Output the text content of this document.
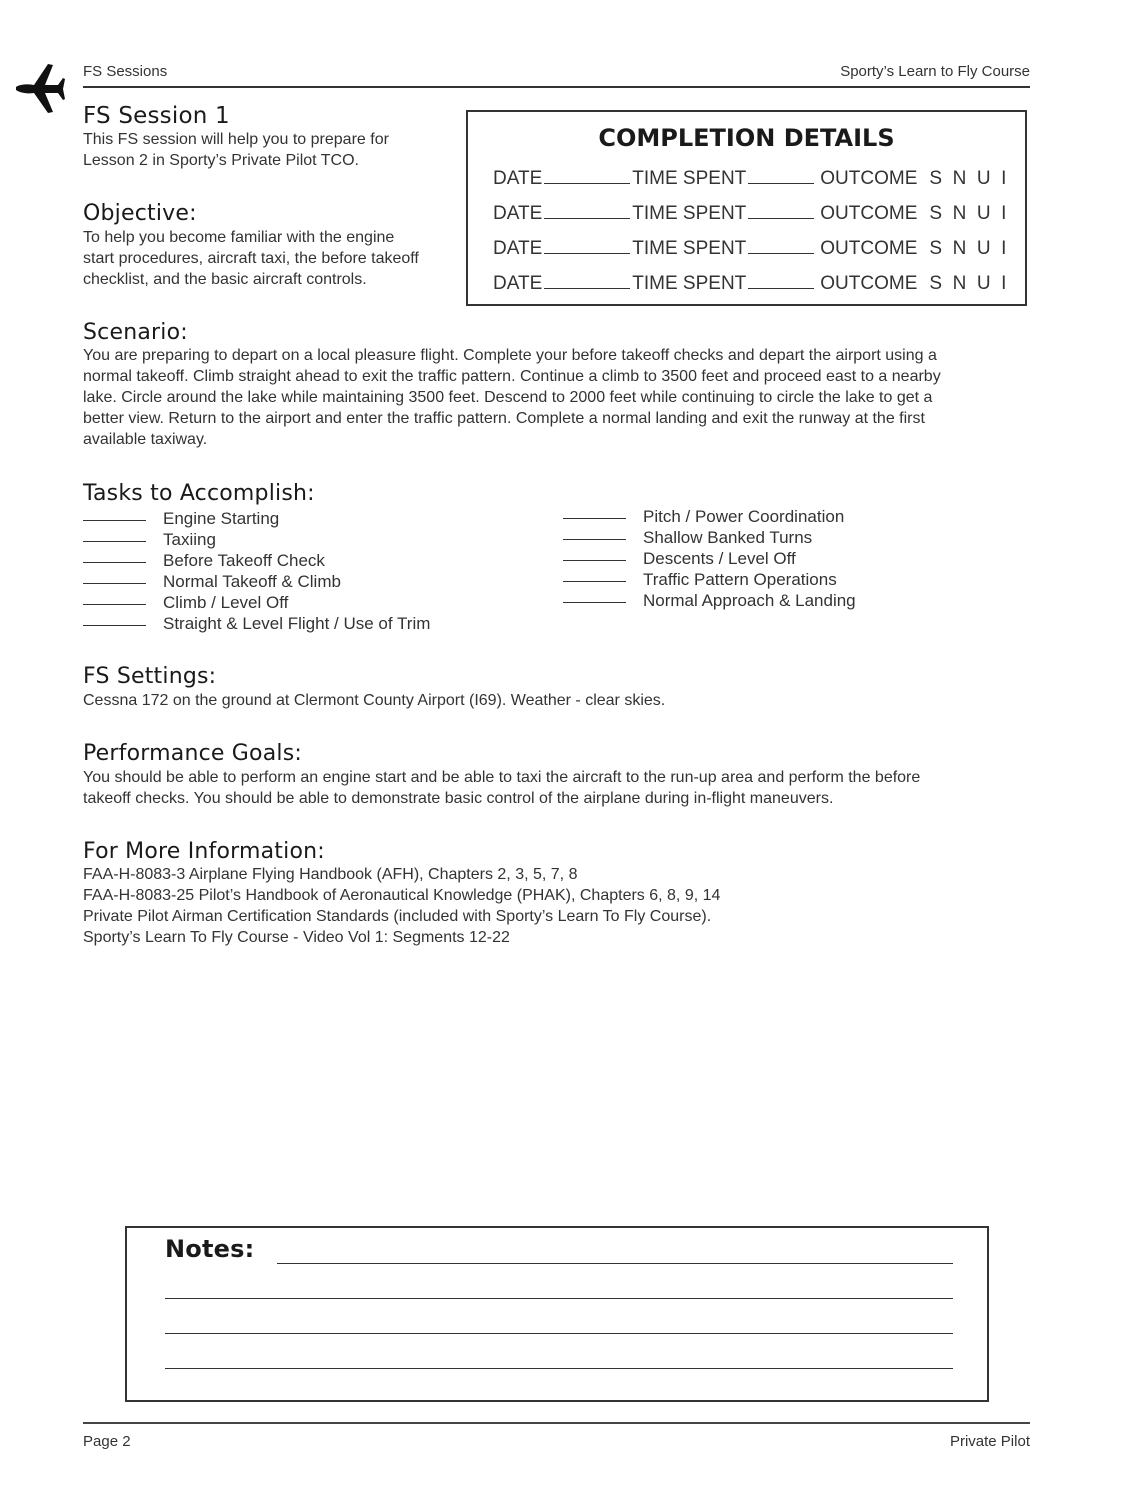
FS Sessions	Sporty’s Learn to Fly Course
FS Session 1
This FS session will help you to prepare for
Lesson 2 in Sporty’s Private Pilot TCO.
Objective:
To help you become familiar with the engine
start procedures, aircraft taxi, the before takeoff
checklist, and the basic aircraft controls.
COMPLETION DETAILS
DATE	TIME SPENT	OUTCOME S  N  U  I
DATE	TIME SPENT	OUTCOME S  N  U  I
DATE	TIME SPENT	OUTCOME S  N  U  I
DATE	TIME SPENT	OUTCOME S  N  U  I
Scenario:
You are preparing to depart on a local pleasure flight. Complete your before takeoff checks and depart the airport using a
normal takeoff. Climb straight ahead to exit the traffic pattern. Continue a climb to 3500 feet and proceed east to a nearby
lake. Circle around the lake while maintaining 3500 feet. Descend to 2000 feet while continuing to circle the lake to get a
better view. Return to the airport and enter the traffic pattern. Complete a normal landing and exit the runway at the first
available taxiway.
Tasks to Accomplish:
Engine Starting
Taxiing
Before Takeoff Check
Normal Takeoff & Climb
Climb / Level Off
Straight & Level Flight / Use of Trim
Pitch / Power Coordination
Shallow Banked Turns
Descents / Level Off
Traffic Pattern Operations
Normal Approach & Landing
FS Settings:
Cessna 172 on the ground at Clermont County Airport (I69). Weather - clear skies.
Performance Goals:
You should be able to perform an engine start and be able to taxi the aircraft to the run-up area and perform the before
takeoff checks. You should be able to demonstrate basic control of the airplane during in-flight maneuvers.
For More Information:
FAA-H-8083-3 Airplane Flying Handbook (AFH), Chapters 2, 3, 5, 7, 8
FAA-H-8083-25 Pilot’s Handbook of Aeronautical Knowledge (PHAK), Chapters 6, 8, 9, 14
Private Pilot Airman Certification Standards (included with Sporty’s Learn To Fly Course).
Sporty’s Learn To Fly Course - Video Vol 1: Segments 12-22
Notes:
Page 2	Private Pilot
